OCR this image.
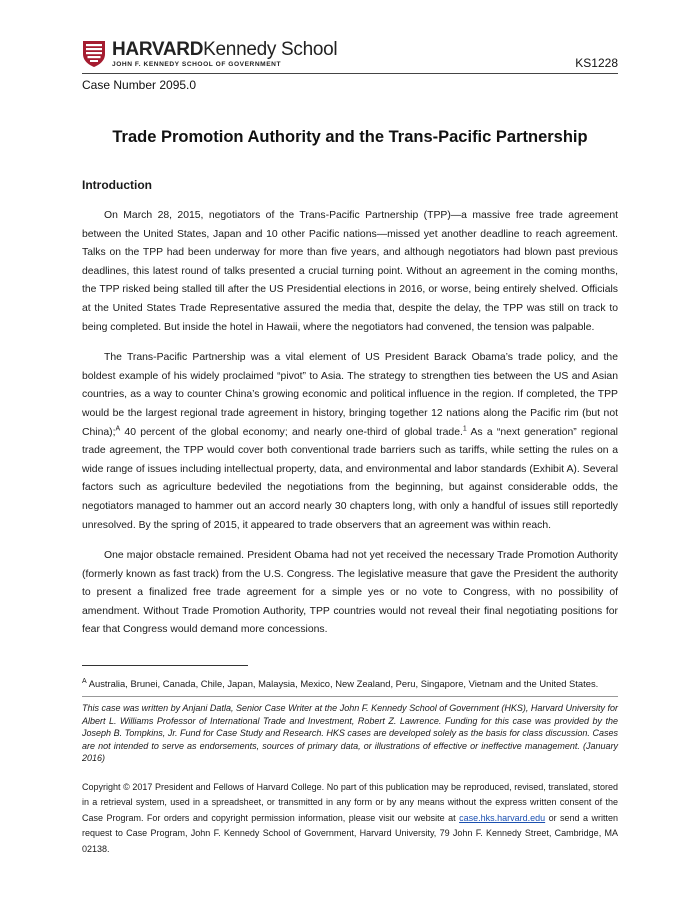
HARVARDKennedy School
JOHN F. KENNEDY SCHOOL OF GOVERNMENT	KS1228
Case Number 2095.0
Trade Promotion Authority and the Trans-Pacific Partnership
Introduction

On March 28, 2015, negotiators of the Trans-Pacific Partnership (TPP)—a massive free trade agreement between the United States, Japan and 10 other Pacific nations—missed yet another deadline to reach agreement. Talks on the TPP had been underway for more than five years, and although negotiators had blown past previous deadlines, this latest round of talks presented a crucial turning point. Without an agreement in the coming months, the TPP risked being stalled till after the US Presidential elections in 2016, or worse, being entirely shelved. Officials at the United States Trade Representative assured the media that, despite the delay, the TPP was still on track to being completed. But inside the hotel in Hawaii, where the negotiators had convened, the tension was palpable.

The Trans-Pacific Partnership was a vital element of US President Barack Obama’s trade policy, and the boldest example of his widely proclaimed “pivot” to Asia. The strategy to strengthen ties between the US and Asian countries, as a way to counter China’s growing economic and political influence in the region. If completed, the TPP would be the largest regional trade agreement in history, bringing together 12 nations along the Pacific rim (but not China);$^A$ 40 percent of the global economy; and nearly one-third of global trade.$^1$ As a “next generation” regional trade agreement, the TPP would cover both conventional trade barriers such as tariffs, while setting the rules on a wide range of issues including intellectual property, data, and environmental and labor standards (Exhibit A). Several factors such as agriculture bedeviled the negotiations from the beginning, but against considerable odds, the negotiators managed to hammer out an accord nearly 30 chapters long, with only a handful of issues still reportedly unresolved. By the spring of 2015, it appeared to trade observers that an agreement was within reach.

One major obstacle remained. President Obama had not yet received the necessary Trade Promotion Authority (formerly known as fast track) from the U.S. Congress. The legislative measure that gave the President the authority to present a finalized free trade agreement for a simple yes or no vote to Congress, with no possibility of amendment. Without Trade Promotion Authority, TPP countries would not reveal their final negotiating positions for fear that Congress would demand more concessions.

$^A$ Australia, Brunei, Canada, Chile, Japan, Malaysia, Mexico, New Zealand, Peru, Singapore, Vietnam and the United States.

This case was written by Anjani Datla, Senior Case Writer at the John F. Kennedy School of Government (HKS), Harvard University for Albert L. Williams Professor of International Trade and Investment, Robert Z. Lawrence. Funding for this case was provided by the Joseph B. Tompkins, Jr. Fund for Case Study and Research. HKS cases are developed solely as the basis for class discussion. Cases are not intended to serve as endorsements, sources of primary data, or illustrations of effective or ineffective management. (January 2016)

Copyright © 2017 President and Fellows of Harvard College. No part of this publication may be reproduced, revised, translated, stored in a retrieval system, used in a spreadsheet, or transmitted in any form or by any means without the express written consent of the Case Program. For orders and copyright permission information, please visit our website at case.hks.harvard.edu or send a written request to Case Program, John F. Kennedy School of Government, Harvard University, 79 John F. Kennedy Street, Cambridge, MA 02138.
